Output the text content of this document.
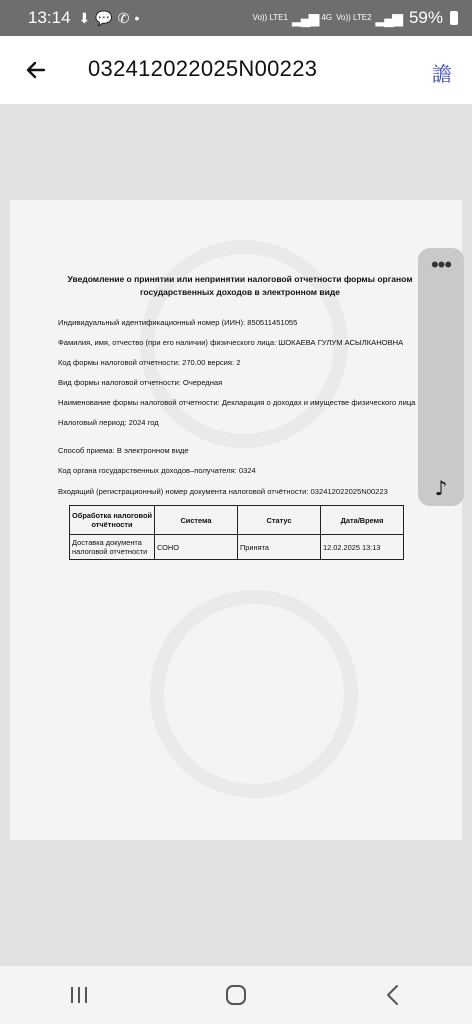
13:14 ⬇ 💬 ✆ •	Vo)) LTE1 ▂▄▆ 4G Vo)) LTE2 ▂▄▆ 59%
032412022025N00223	譫
Уведомление о принятии или непринятии налоговой отчетности формы органом государственных доходов в электронном виде
Индивидуальный идентификационный номер (ИИН): 850511451055
Фамилия, имя, отчество (при его наличии) физического лица: ШОКАЕВА ГУЛУМ АСЫЛКАНОВНА
Код формы налоговой отчетности: 270.00 версия: 2
Вид формы налоговой отчетности: Очередная
Наименование формы налоговой отчетности: Декларация о доходах и имуществе физического лица
Налоговый период: 2024 год
Способ приема: В электронном виде
Код органа государственных доходов–получателя: 0324
Входящий (регистрационный) номер документа налоговой отчётности: 032412022025N00223
Обработка налоговой отчётности	Система	Статус	Дата/Время
Доставка документа налоговой отчетности	СОНО	Принята	12.02.2025 13:13
•••
♪
